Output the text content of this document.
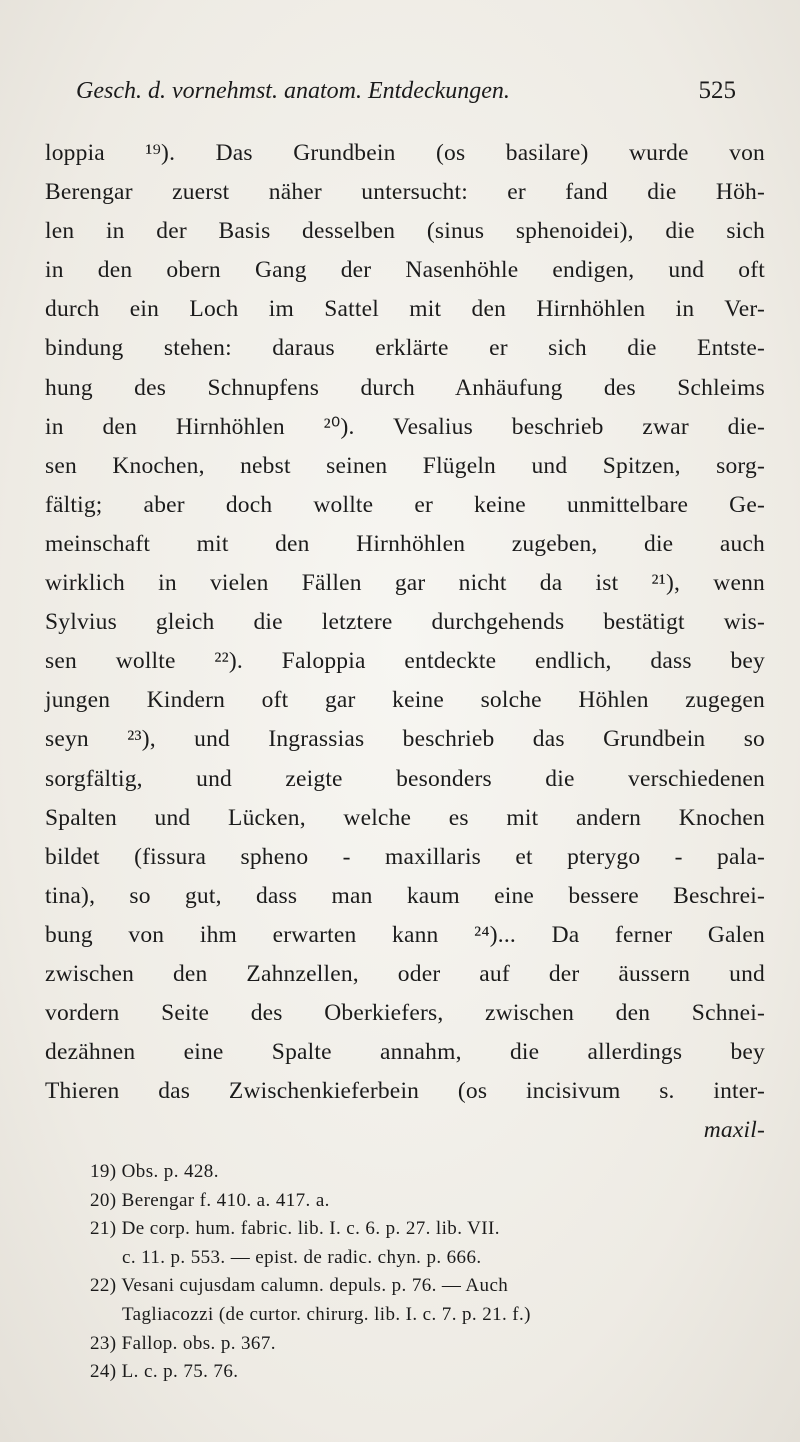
Gesch. d. vornehmst. anatom. Entdeckungen.	525
loppia ¹⁹). Das Grundbein (os basilare) wurde von
Berengar zuerst näher untersucht: er fand die Höh-
len in der Basis desselben (sinus sphenoidei), die sich
in den obern Gang der Nasenhöhle endigen, und oft
durch ein Loch im Sattel mit den Hirnhöhlen in Ver-
bindung stehen: daraus erklärte er sich die Entste-
hung des Schnupfens durch Anhäufung des Schleims
in den Hirnhöhlen ²⁰). Vesalius beschrieb zwar die-
sen Knochen, nebst seinen Flügeln und Spitzen, sorg-
fältig; aber doch wollte er keine unmittelbare Ge-
meinschaft mit den Hirnhöhlen zugeben, die auch
wirklich in vielen Fällen gar nicht da ist ²¹), wenn
Sylvius gleich die letztere durchgehends bestätigt wis-
sen wollte ²²). Faloppia entdeckte endlich, dass bey
jungen Kindern oft gar keine solche Höhlen zugegen
seyn ²³), und Ingrassias beschrieb das Grundbein so
sorgfältig, und zeigte besonders die verschiedenen
Spalten und Lücken, welche es mit andern Knochen
bildet (fissura spheno - maxillaris et pterygo - pala-
tina), so gut, dass man kaum eine bessere Beschrei-
bung von ihm erwarten kann ²⁴)... Da ferner Galen
zwischen den Zahnzellen, oder auf der äussern und
vordern Seite des Oberkiefers, zwischen den Schnei-
dezähnen eine Spalte annahm, die allerdings bey
Thieren das Zwischenkieferbein (os incisivum s. inter-
maxil-
19) Obs. p. 428.
20) Berengar f. 410. a. 417. a.
21) De corp. hum. fabric. lib. I. c. 6. p. 27. lib. VII.
c. 11. p. 553. — epist. de radic. chyn. p. 666.
22) Vesani cujusdam calumn. depuls. p. 76. — Auch
Tagliacozzi (de curtor. chirurg. lib. I. c. 7. p. 21. f.)
23) Fallop. obs. p. 367.
24) L. c. p. 75. 76.
